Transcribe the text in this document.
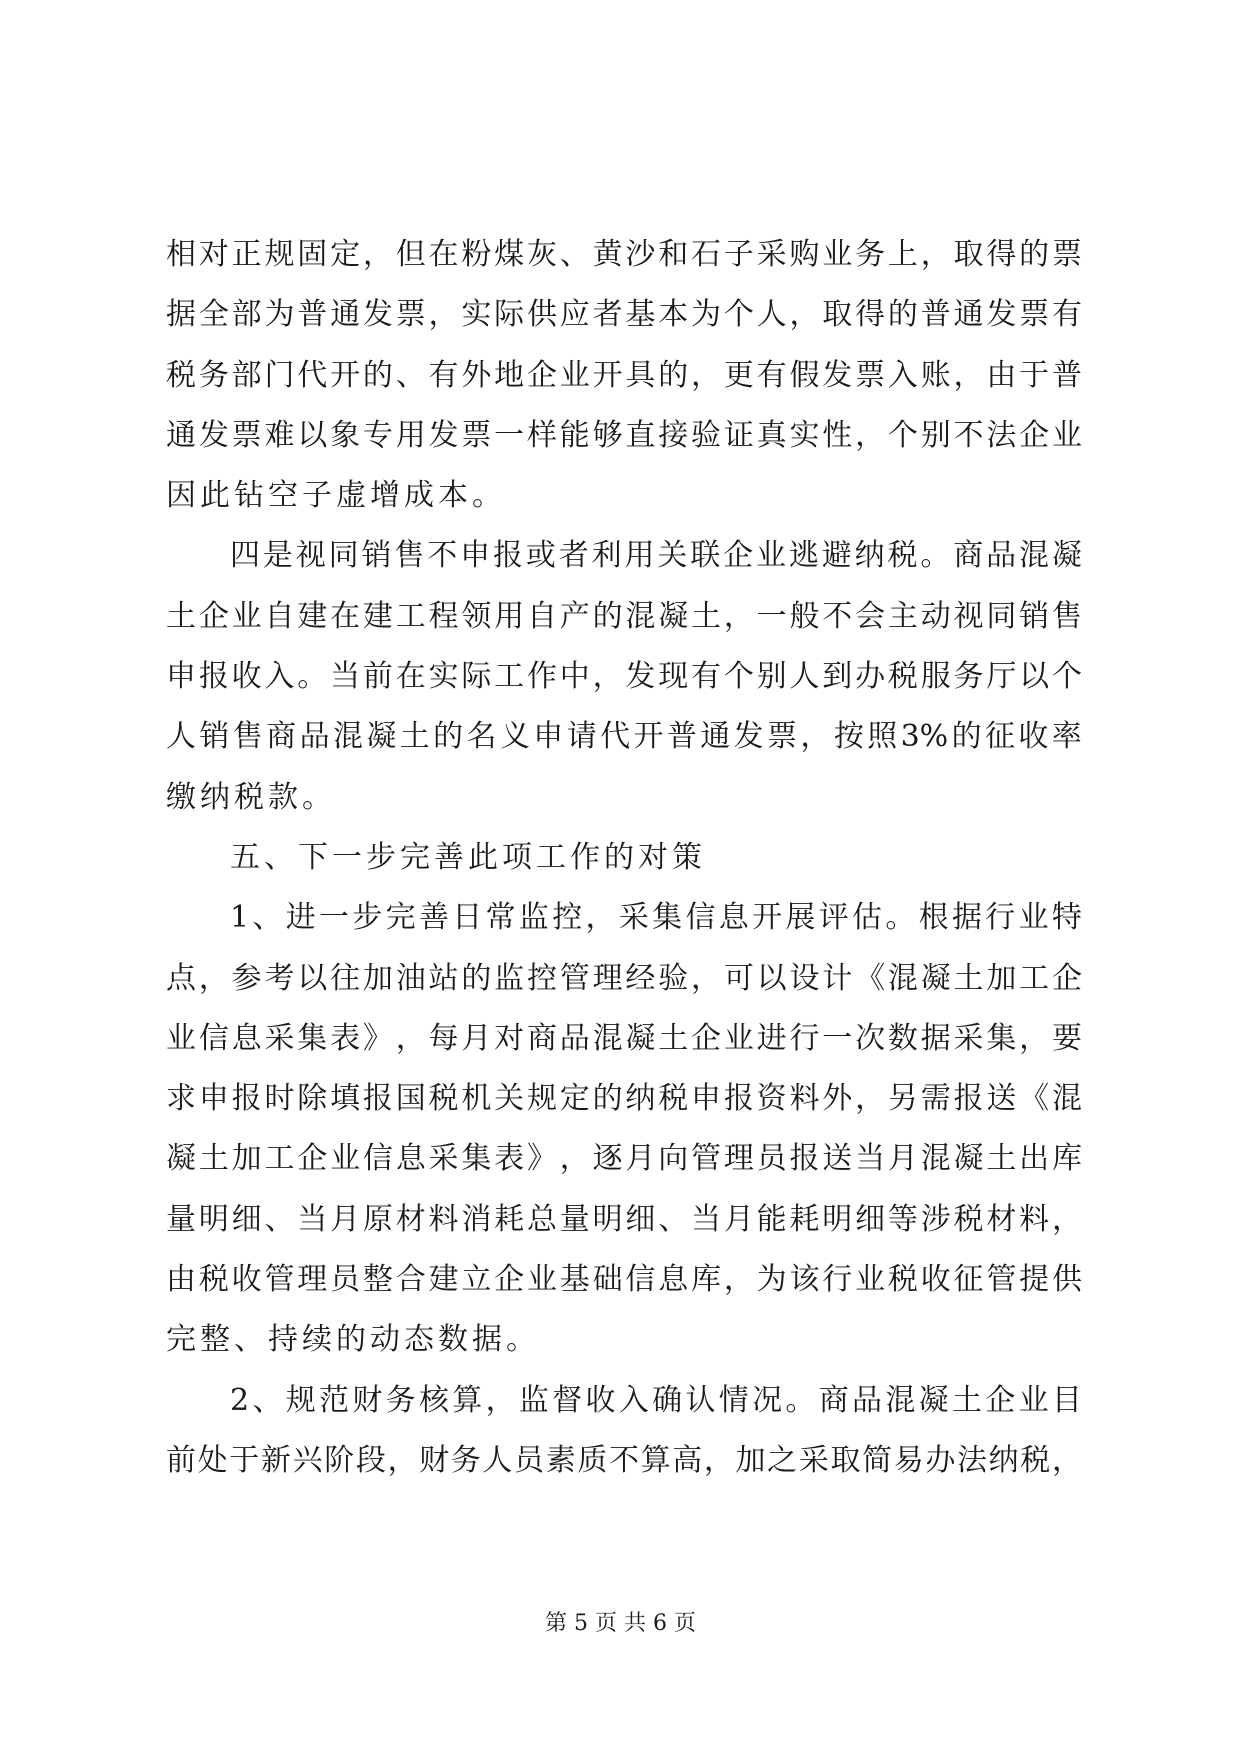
相 对 正 规 固 定 ， 但 在 粉 煤 灰 、 黄 沙 和 石 子 采 购 业 务 上 ， 取 得 的 票
据 全 部 为 普 通 发 票 ， 实 际 供 应 者 基 本 为 个 人 ， 取 得 的 普 通 发 票 有
税 务 部 门 代 开 的 、 有 外 地 企 业 开 具 的 ， 更 有 假 发 票 入 账 ， 由 于 普
通 发 票 难 以 象 专 用 发 票 一 样 能 够 直 接 验 证 真 实 性 ， 个 别 不 法 企 业
因 此 钻 空 子 虚 增 成 本 。
四 是 视 同 销 售 不 申 报 或 者 利 用 关 联 企 业 逃 避 纳 税 。 商 品 混 凝
土 企 业 自 建 在 建 工 程 领 用 自 产 的 混 凝 土 ， 一 般 不 会 主 动 视 同 销 售
申 报 收 入 。 当 前 在 实 际 工 作 中 ， 发 现 有 个 别 人 到 办 税 服 务 厅 以 个
人 销 售 商 品 混 凝 土 的 名 义 申 请 代 开 普 通 发 票 ， 按 照 3% 的 征 收 率
缴 纳 税 款 。
五 、 下 一 步 完 善 此 项 工 作 的 对 策
1 、 进 一 步 完 善 日 常 监 控 ， 采 集 信 息 开 展 评 估 。 根 据 行 业 特
点 ， 参 考 以 往 加 油 站 的 监 控 管 理 经 验 ， 可 以 设 计 《 混 凝 土 加 工 企
业 信 息 采 集 表 》 ， 每 月 对 商 品 混 凝 土 企 业 进 行 一 次 数 据 采 集 ， 要
求 申 报 时 除 填 报 国 税 机 关 规 定 的 纳 税 申 报 资 料 外 ， 另 需 报 送 《 混
凝 土 加 工 企 业 信 息 采 集 表 》 ， 逐 月 向 管 理 员 报 送 当 月 混 凝 土 出 库
量 明 细 、 当 月 原 材 料 消 耗 总 量 明 细 、 当 月 能 耗 明 细 等 涉 税 材 料 ，
由 税 收 管 理 员 整 合 建 立 企 业 基 础 信 息 库 ， 为 该 行 业 税 收 征 管 提 供
完 整 、 持 续 的 动 态 数 据 。
2 、 规 范 财 务 核 算 ， 监 督 收 入 确 认 情 况 。 商 品 混 凝 土 企 业 目
前 处 于 新 兴 阶 段 ， 财 务 人 员 素 质 不 算 高 ， 加 之 采 取 简 易 办 法 纳 税 ，
第 5 页 共 6 页
